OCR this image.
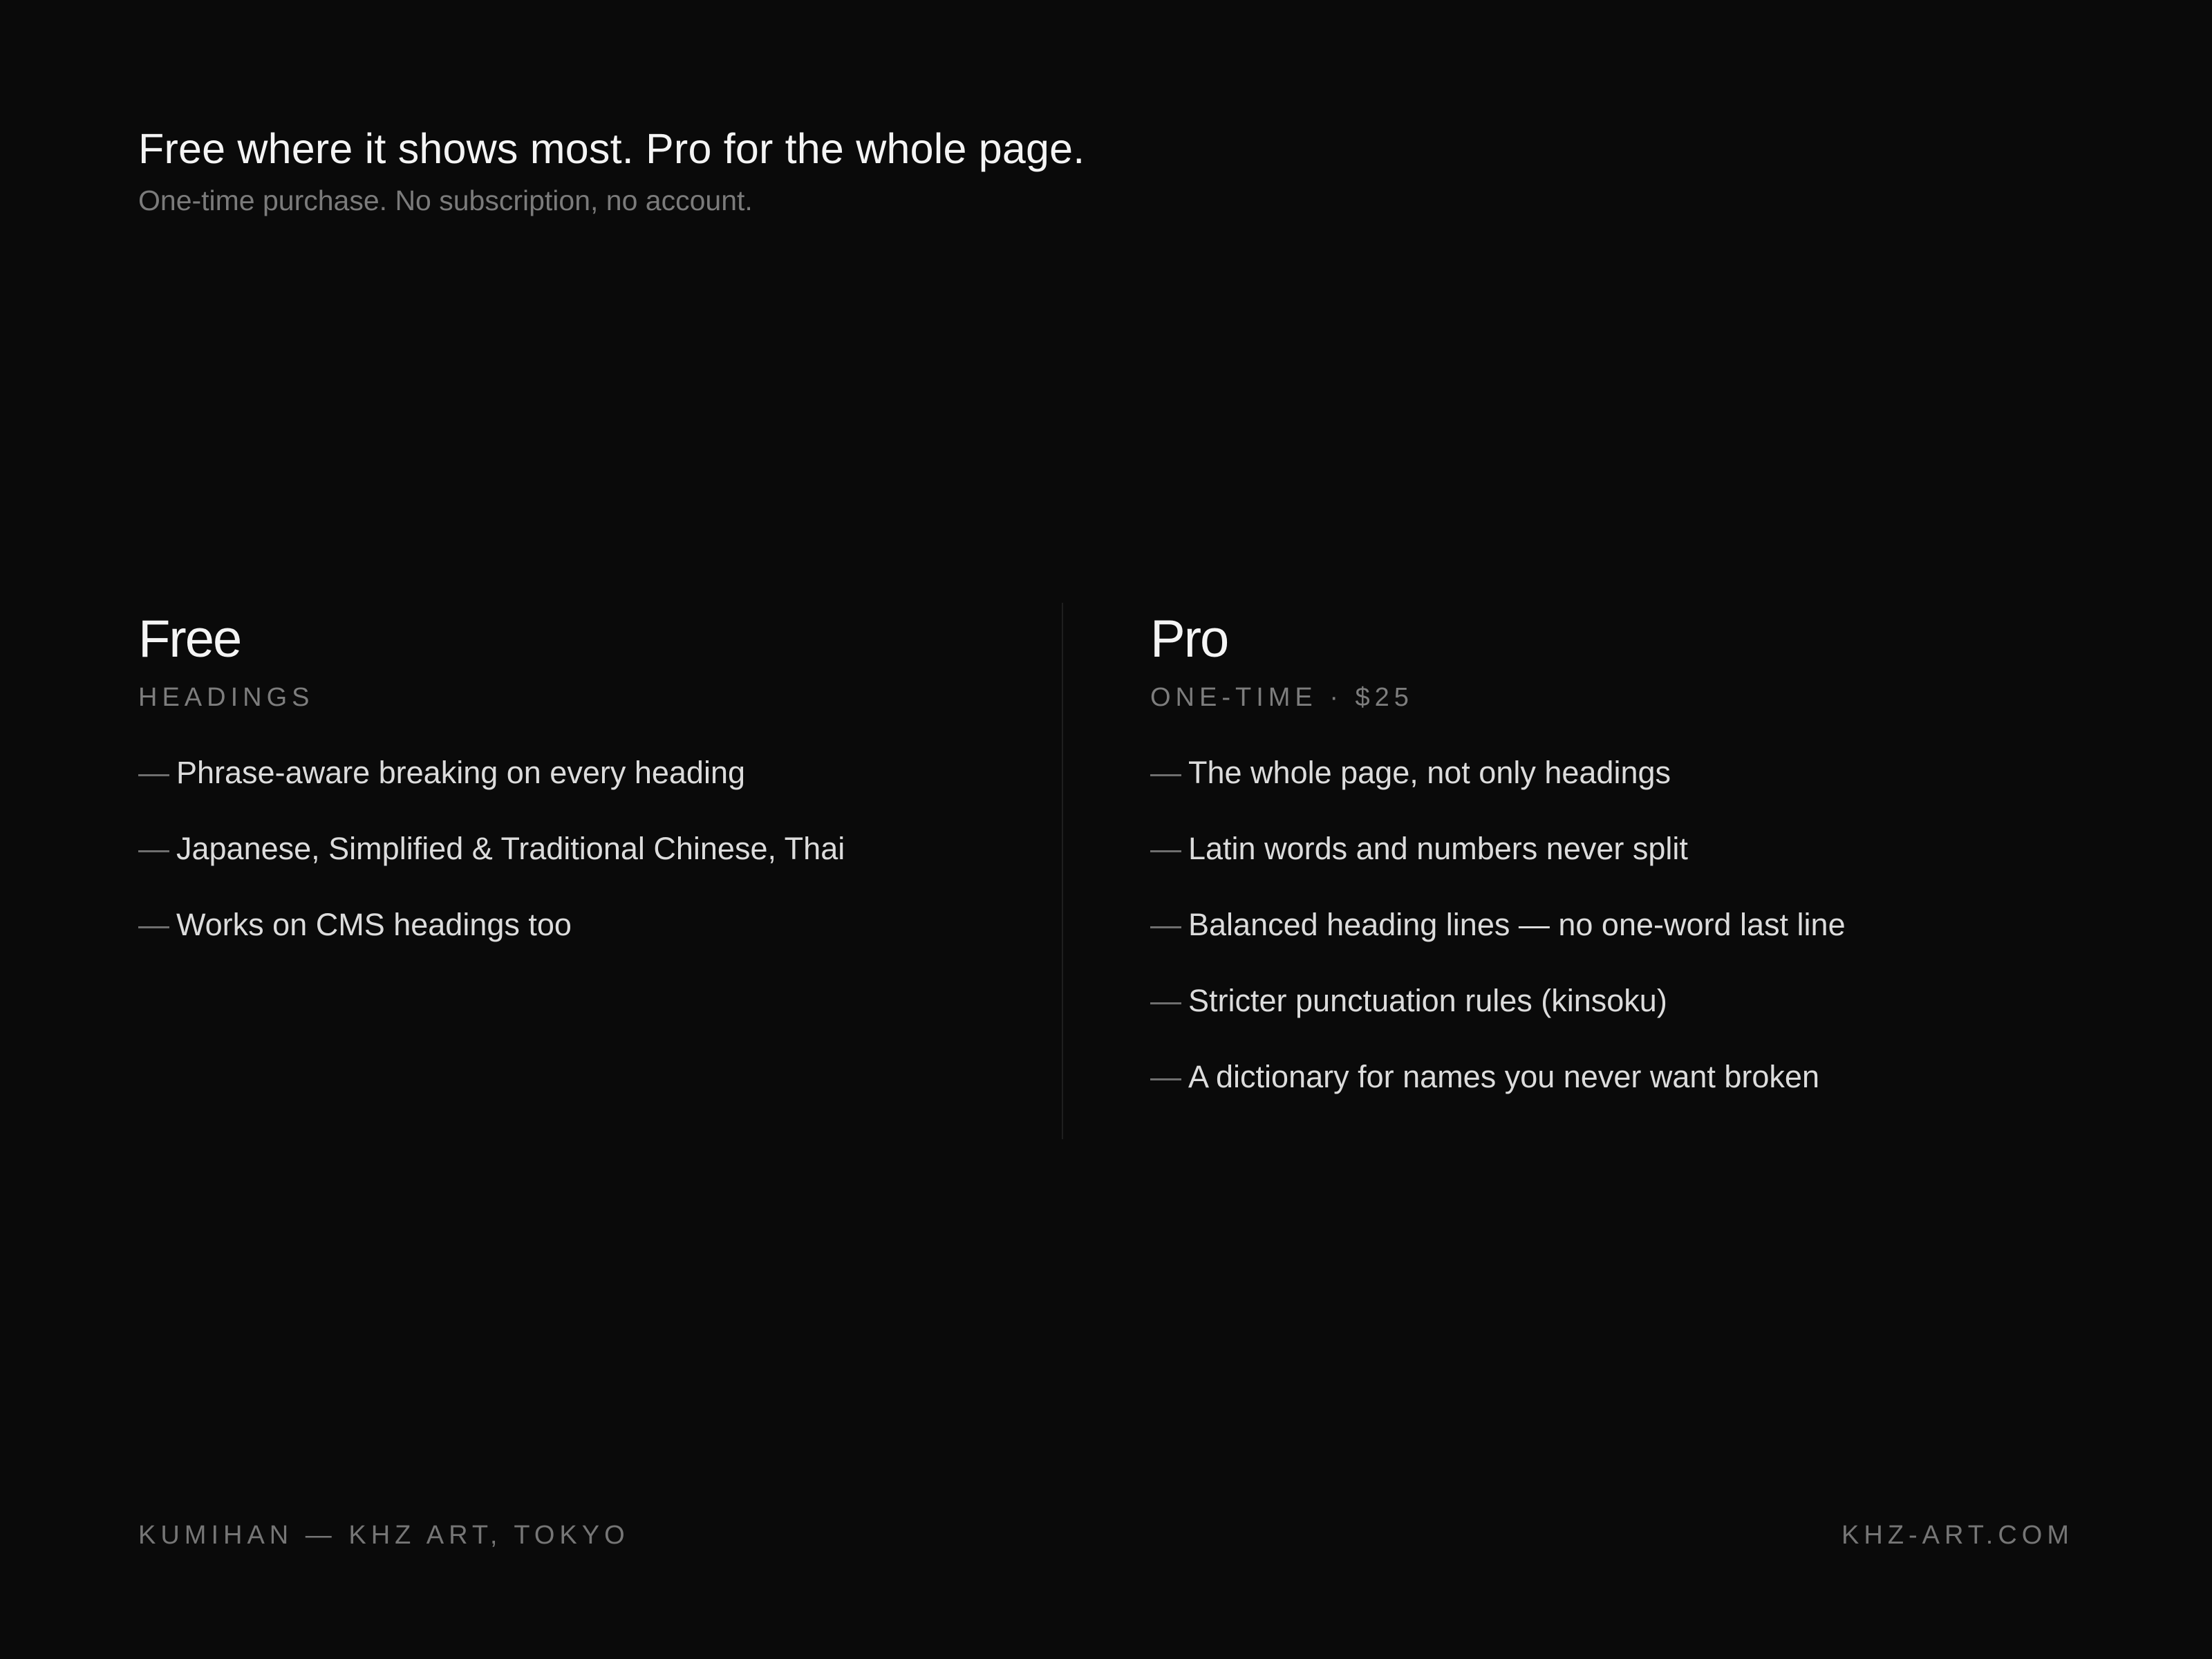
Free where it shows most. Pro for the whole page.

One-time purchase. No subscription, no account.

Free

HEADINGS

— Phrase-aware breaking on every heading
— Japanese, Simplified & Traditional Chinese, Thai
— Works on CMS headings too
Pro

ONE-TIME · $25

— The whole page, not only headings
— Latin words and numbers never split
— Balanced heading lines — no one-word last line
— Stricter punctuation rules (kinsoku)
— A dictionary for names you never want broken
KUMIHAN — KHZ ART, TOKYO	KHZ-ART.COM
